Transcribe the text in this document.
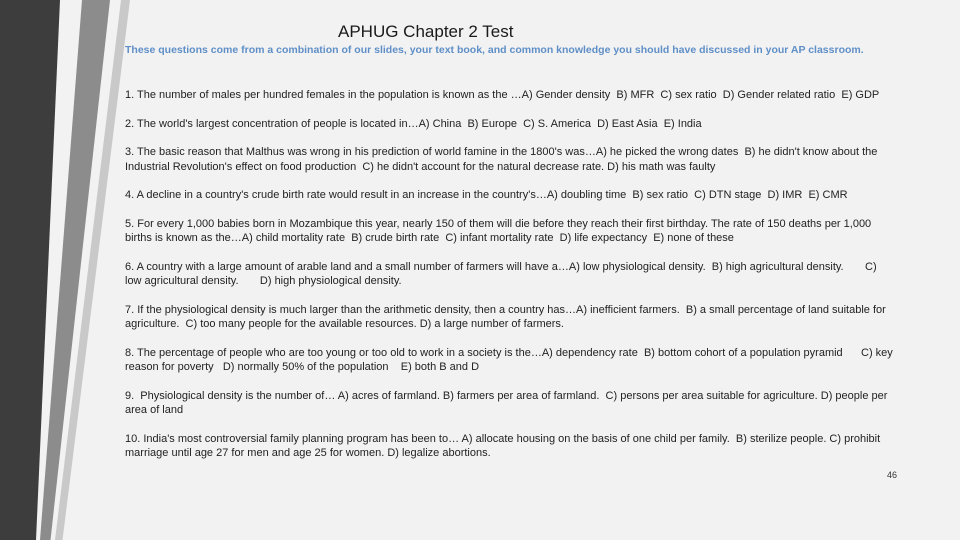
APHUG Chapter 2 Test
These questions come from a combination of our slides, your text book, and common knowledge you should have discussed in your AP classroom.

1. The number of males per hundred females in the population is known as the …A) Gender density  B) MFR  C) sex ratio  D) Gender related ratio  E) GDP

2. The world's largest concentration of people is located in…A) China  B) Europe  C) S. America  D) East Asia  E) India

3. The basic reason that Malthus was wrong in his prediction of world famine in the 1800's was…A) he picked the wrong dates  B) he didn't know about the Industrial Revolution's effect on food production  C) he didn't account for the natural decrease rate. D) his math was faulty

4. A decline in a country's crude birth rate would result in an increase in the country's…A) doubling time  B) sex ratio  C) DTN stage  D) IMR  E) CMR

5. For every 1,000 babies born in Mozambique this year, nearly 150 of them will die before they reach their first birthday. The rate of 150 deaths per 1,000 births is known as the…A) child mortality rate  B) crude birth rate  C) infant mortality rate  D) life expectancy  E) none of these

6. A country with a large amount of arable land and a small number of farmers will have a…A) low physiological density.  B) high agricultural density.       C) low agricultural density.       D) high physiological density.

7. If the physiological density is much larger than the arithmetic density, then a country has…A) inefficient farmers.  B) a small percentage of land suitable for agriculture.  C) too many people for the available resources. D) a large number of farmers.

8. The percentage of people who are too young or too old to work in a society is the…A) dependency rate  B) bottom cohort of a population pyramid      C) key reason for poverty   D) normally 50% of the population    E) both B and D

9.  Physiological density is the number of… A) acres of farmland. B) farmers per area of farmland.  C) persons per area suitable for agriculture. D) people per area of land

10. India's most controversial family planning program has been to… A) allocate housing on the basis of one child per family.  B) sterilize people. C) prohibit marriage until age 27 for men and age 25 for women. D) legalize abortions.

46
